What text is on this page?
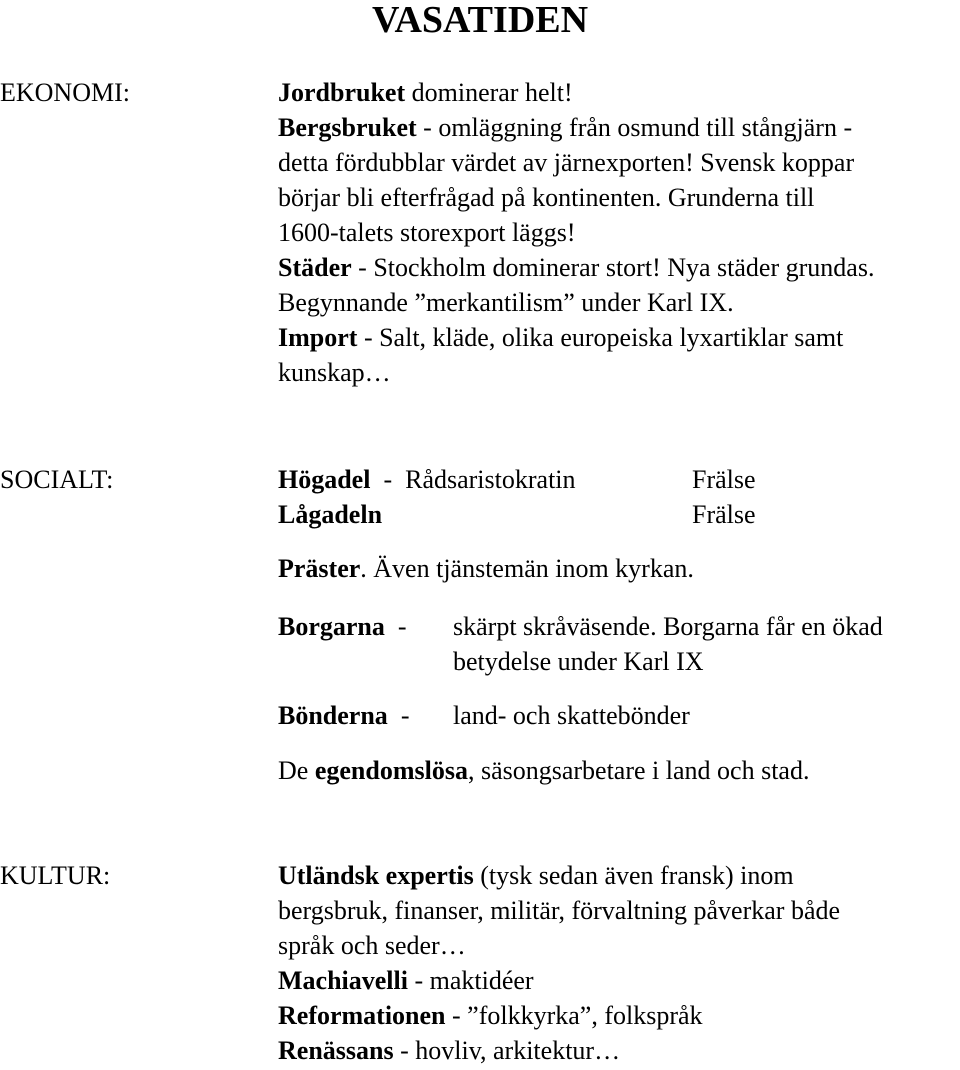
VASATIDEN
EKONOMI:	Jordbruket dominerar helt!
Bergsbruket - omläggning från osmund till stångjärn -
detta fördubblar värdet av järnexporten! Svensk koppar
börjar bli efterfrågad på kontinenten. Grunderna till
1600-talets storexport läggs!
Städer - Stockholm dominerar stort! Nya städer grundas.
Begynnande ”merkantilism” under Karl IX.
Import - Salt, kläde, olika europeiska lyxartiklar samt
kunskap…
SOCIALT:	Högadel  -  Rådsaristokratin	Frälse
Lågadeln	Frälse
Präster. Även tjänstemän inom kyrkan.
Borgarna  - skärpt skråväsende. Borgarna får en ökad
betydelse under Karl IX
Bönderna  - land- och skattebönder
De egendomslösa, säsongsarbetare i land och stad.
KULTUR:	Utländsk expertis (tysk sedan även fransk) inom
bergsbruk, finanser, militär, förvaltning påverkar både
språk och seder…
Machiavelli - maktidéer
Reformationen - ”folkkyrka”, folkspråk
Renässans - hovliv, arkitektur…
